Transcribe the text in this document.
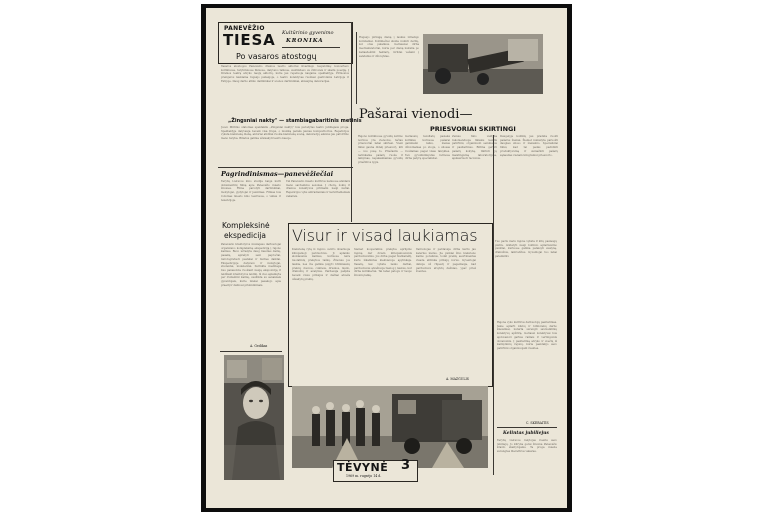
PANEVĖŽIO
TIESA Kultūrinio gyvenimo
KRONIKA
Po vasaros atostogų
Vasaros atostogos Panevėžio dramos teatro aktoriai išvažinėjo respubliką: koncertavo kolūkiuose, tarybiniuose ūkiuose, dalyvavo talkose, susitikdavo su žiūrovais ir skaitė poeziją. Į Dramos teatrą atvyko naujų aktorių, kurie jau repetuoja naujame spektaklyje. Pirmosios premjeros laukiama rugsėjo pabaigoje, o teatro kolektyvas ruošiasi gastrolėms Latvijoje ir Estijoje. Daug darbo atliko dailininkai ir scenos darbininkai, atnaujinę dekoracijas.
„Žingsniai nakty" — stambiagabaritinis metinis
Juozo Miltinio statomas spektaklis „Žingsniai nakty\" bus parodytas teatro jubiliejaus proga. Spektaklyje dalyvauja beveik visa trupė, o muziką parašė jaunas kompozitorius. Repeticijos vyksta kiekvieną dieną, aktoriai atidžiai ruošia kiekvieną sceną, dekoracijų eskizus jau patvirtino meno taryba. Bilietus galima užsisakyti teatro kasoje.
Pagrindinismas—panevėžiečiai
Tarybų Lietuvos kino studija baigė kurti dokumentinį filmą apie Panevėžio miesto žmones. Filme parodyti darbininkai, mokytojai, gydytojai ir jaunimas. Filmas bus rodomas miesto kino teatruose, o vėliau ir televizijoje.
Vėl Panevėžio miesto kultūros namuose atsidarė meno saviveiklos sezonas. Į chorą, šokių ir dramos kolektyvus priimami nauji nariai. Repeticijos vyks antradieniais ir ketvirtadieniais vakarais.
Kompleksinė
ekspedicija
Panevėžio kraštotyros muziejaus darbuotojai organizavo kompleksinę ekspediciją į rajono kaimus. Buvo užrašyta daug liaudies dainų, pasakų, aprašyti seni papročiai, nufotografuoti pastatai ir buities daiktai. Ekspedicijoje dalyvavo ir mokytojai, studentai, moksleiviai. Surinkta medžiaga bus panaudota ruošiant naują ekspoziciją ir leidžiant kraštotyros leidinį. Iš viso aplankyta per dvidešimt kaimų, susitikta su senaisiais gyventojais, kurie mielai pasakojo apie praeitį ir dalinosi prisiminimais.
A. Gedikas
Rugsėjo pirmąją dieną į laukus išriedėjo kombainai. Kolūkiečiai skuba nuimti derlių, kol oras palankus. Geriausiai dirba mechanizatoriai, kurie per dieną nukulia po keliasdešimt hektarų. Grūdai vežami į sandėlius ir džiovyklas.
Pašarai vienodi—
PRIESVORIAI SKIRTINGI
Rajono kolūkiuose gyvulių šėrimo normos yra vienodos, tačiau priesvoriai labai skiriasi. Vieni ūkiai gauna didelį priesvorį, kiti — vos pusę to. Priežastis — netinkama pašarų ruoša ir laikymas, nepakankamas gyvulių priežiūros lygis.
Geriausių rezultatų pasiekė kolūkiai, kuriuose pašarai gaminami laiku, šienas džiovinamas po stogu, o silosas ruošiamas pagal visas taisykles. Ten gyvulininkystės fermose dirba patyrę specialistai.
Žemės ūkio valdyba rekomenduoja ūkiams keistis patirtimi, organizuoti seminarus ir pasitarimus. Būtina gerinti pašarų kokybę, tikrinti jų maistingumą laboratorijose, apskaičiuoti racionus.
Daugelyje kolūkių jau pradėta ruošti pašarus žiemai. Šiemet numatyta paruošti daugiau siloso ir šienainio. Specialistai tikisi, kad tai padės padidinti produktyvumą ir sumažinti pašarų sąnaudas vienam kilogramui priesvorio.
Visur ir visad laukiamas
Kiekvieną rytą iš rajono centro išvažiuoja kilnojamoji parduotuvė. Ji aplanko atokiausius kaimus, kuriuose nėra nuolatinių prekybos taškų. Žmonės jos laukia, nes čia galima įsigyti būtiniausių prekių: duonos, cukraus, druskos, muilo, drabužių ir avalynės. Pardavėja pažįsta beveik visus pirkėjus ir dažnai atveža užsakytų prekių.
Šiemet kooperatinė prekyba aprūpino rajoną dar dviem kilnojamosiomis parduotuvėmis. Jos dirba pagal tvarkaraštį, kuris iškabintas kiekvienoje apylinkėje. Vasarą, kai vyksta lauko darbai, parduotuvės atvažiuoja tiesiog į laukus, kur dirba kolūkiečiai. Tai labai patogu ir taupo žmonių laiką.
Vairuotojas ir pardavėja dirba kartu jau kelerius metus. Jie puikiai žino kiekvieno kaimo poreikius, todėl prekių asortimentas visada atitinka pirkėjų norus. Gyventojai dėkoja už rūpestį ir pageidauja, kad parduotuvė atvyktų dažniau, ypač prieš šventes.
Tuo pačiu metu rajone vyksta ir kitų paslaugų plėtra. Atidaryti nauji buitinio aptarnavimo punktai, kuriuose galima pataisyti avalynę, drabužius, laikrodžius. Gyventojai tuo labai patenkinti.
A. MAZGULIS
TĖVYNĖ 3
1969 m. rugsėjo 14 d.
Rajone vyko kultūros darbuotojų pasitarimas. Jame aptarti klubų ir bibliotekų darbo klausimai, nutarta surengti saviveiklinių kolektyvų apžiūrą. Geriausi kolektyvai bus apdovanoti garbės raštais ir vertingomis dovanomis. Į pasitarimą atvyko ir svečių iš kaimyninių rajonų, kurie pasidalijo savo patirtimi organizuojant šventes.
C. SKEBAITIS
Kelintas jubiliejus
Tarybų Lietuvos rašytojas šventė savo jubiliejų. Jo kūryba gerai žinoma Panevėžio krašto skaitytojams. Ta proga mieste surengtas literatūros vakaras.
